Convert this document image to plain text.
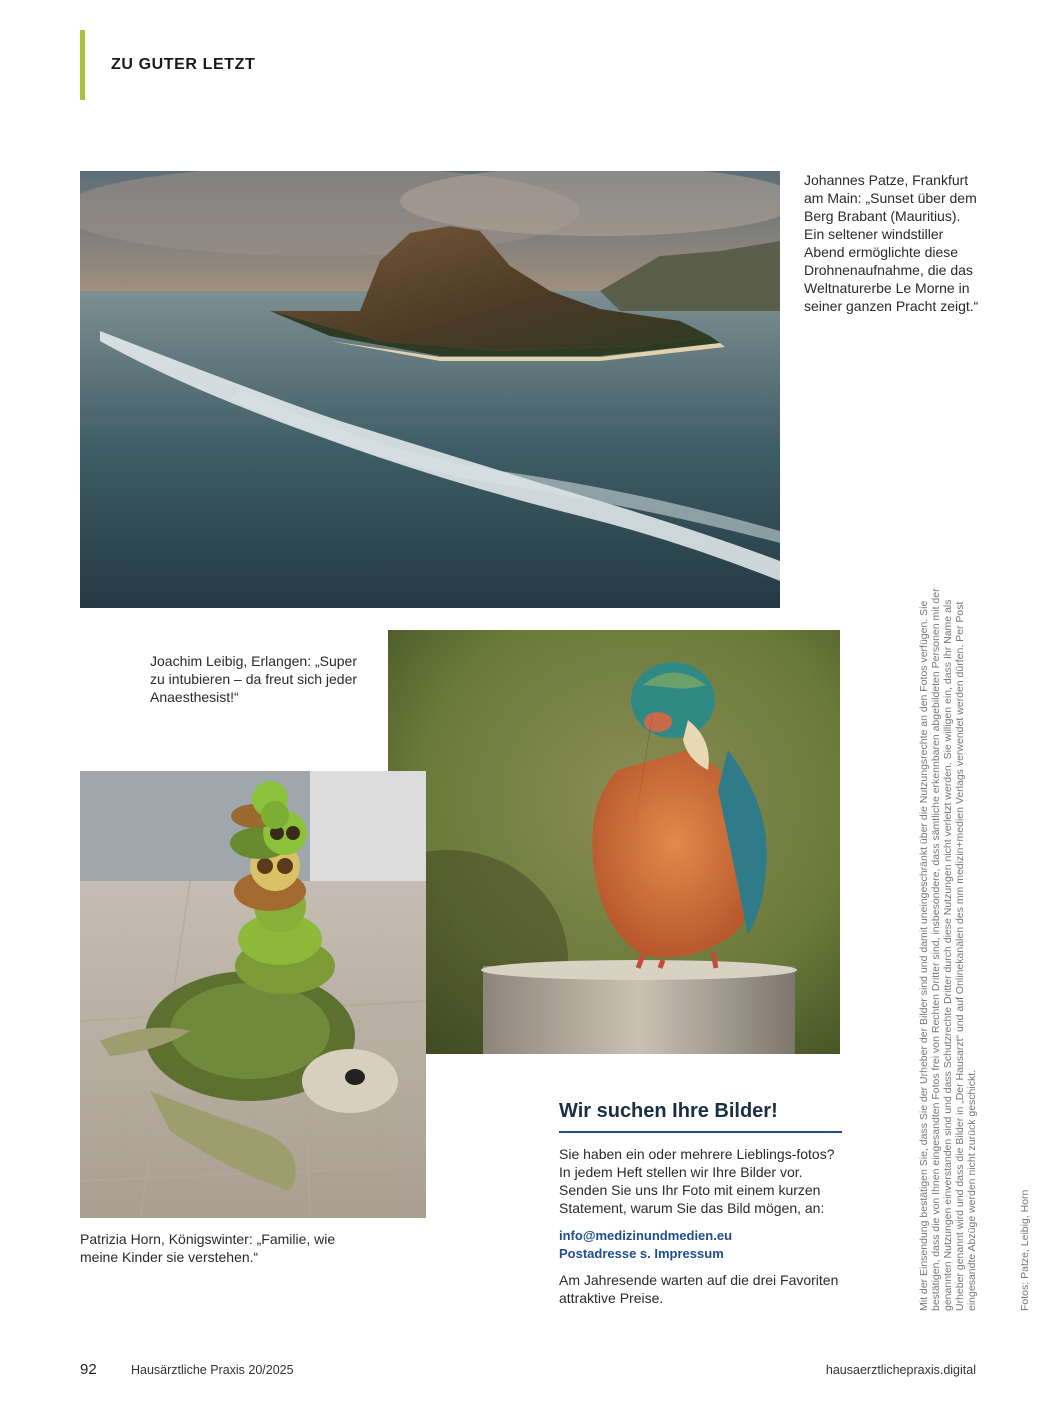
ZU GUTER LETZT
Johannes Patze, Frankfurt am Main: „Sunset über dem Berg Brabant (Mauritius). Ein seltener windstiller Abend ermöglichte diese Drohnenaufnahme, die das Weltnaturerbe Le Morne in seiner ganzen Pracht zeigt.“
Joachim Leibig, Erlangen: „Super zu intubieren – da freut sich jeder Anaesthesist!“
Patrizia Horn, Königswinter: „Familie, wie meine Kinder sie verstehen.“
Wir suchen Ihre Bilder!
Sie haben ein oder mehrere Lieblings-fotos? In jedem Heft stellen wir Ihre Bilder vor. Senden Sie uns Ihr Foto mit einem kurzen Statement, warum Sie das Bild mögen, an:
info@medizinundmedien.eu
Postadresse s. Impressum
Am Jahresende warten auf die drei Favoriten attraktive Preise.	Mit der Einsendung bestätigen Sie, dass Sie der Urheber der Bilder sind und damit uneingeschränkt über die Nutzungsrechte an den Fotos verfügen. Sie bestätigen, dass die von Ihnen eingesandten Fotos frei von Rechten Dritter sind, insbesondere, dass sämtliche erkennbaren abgebildeten Personen mit der genannten Nutzungen einverstanden sind und dass Schutzrechte Dritter durch diese Nutzungen nicht verletzt werden. Sie willigen ein, dass Ihr Name als Urheber genannt wird und dass die Bilder in „Der Hausarzt“ und auf Onlinekanälen des mm medizin+medien Verlags verwendet werden dürfen. Per Post eingesandte Abzüge werden nicht zurück geschickt.	Fotos: Patze, Leibig, Horn
92	Hausärztliche Praxis 20/2025	hausaerztlichepraxis.digital
